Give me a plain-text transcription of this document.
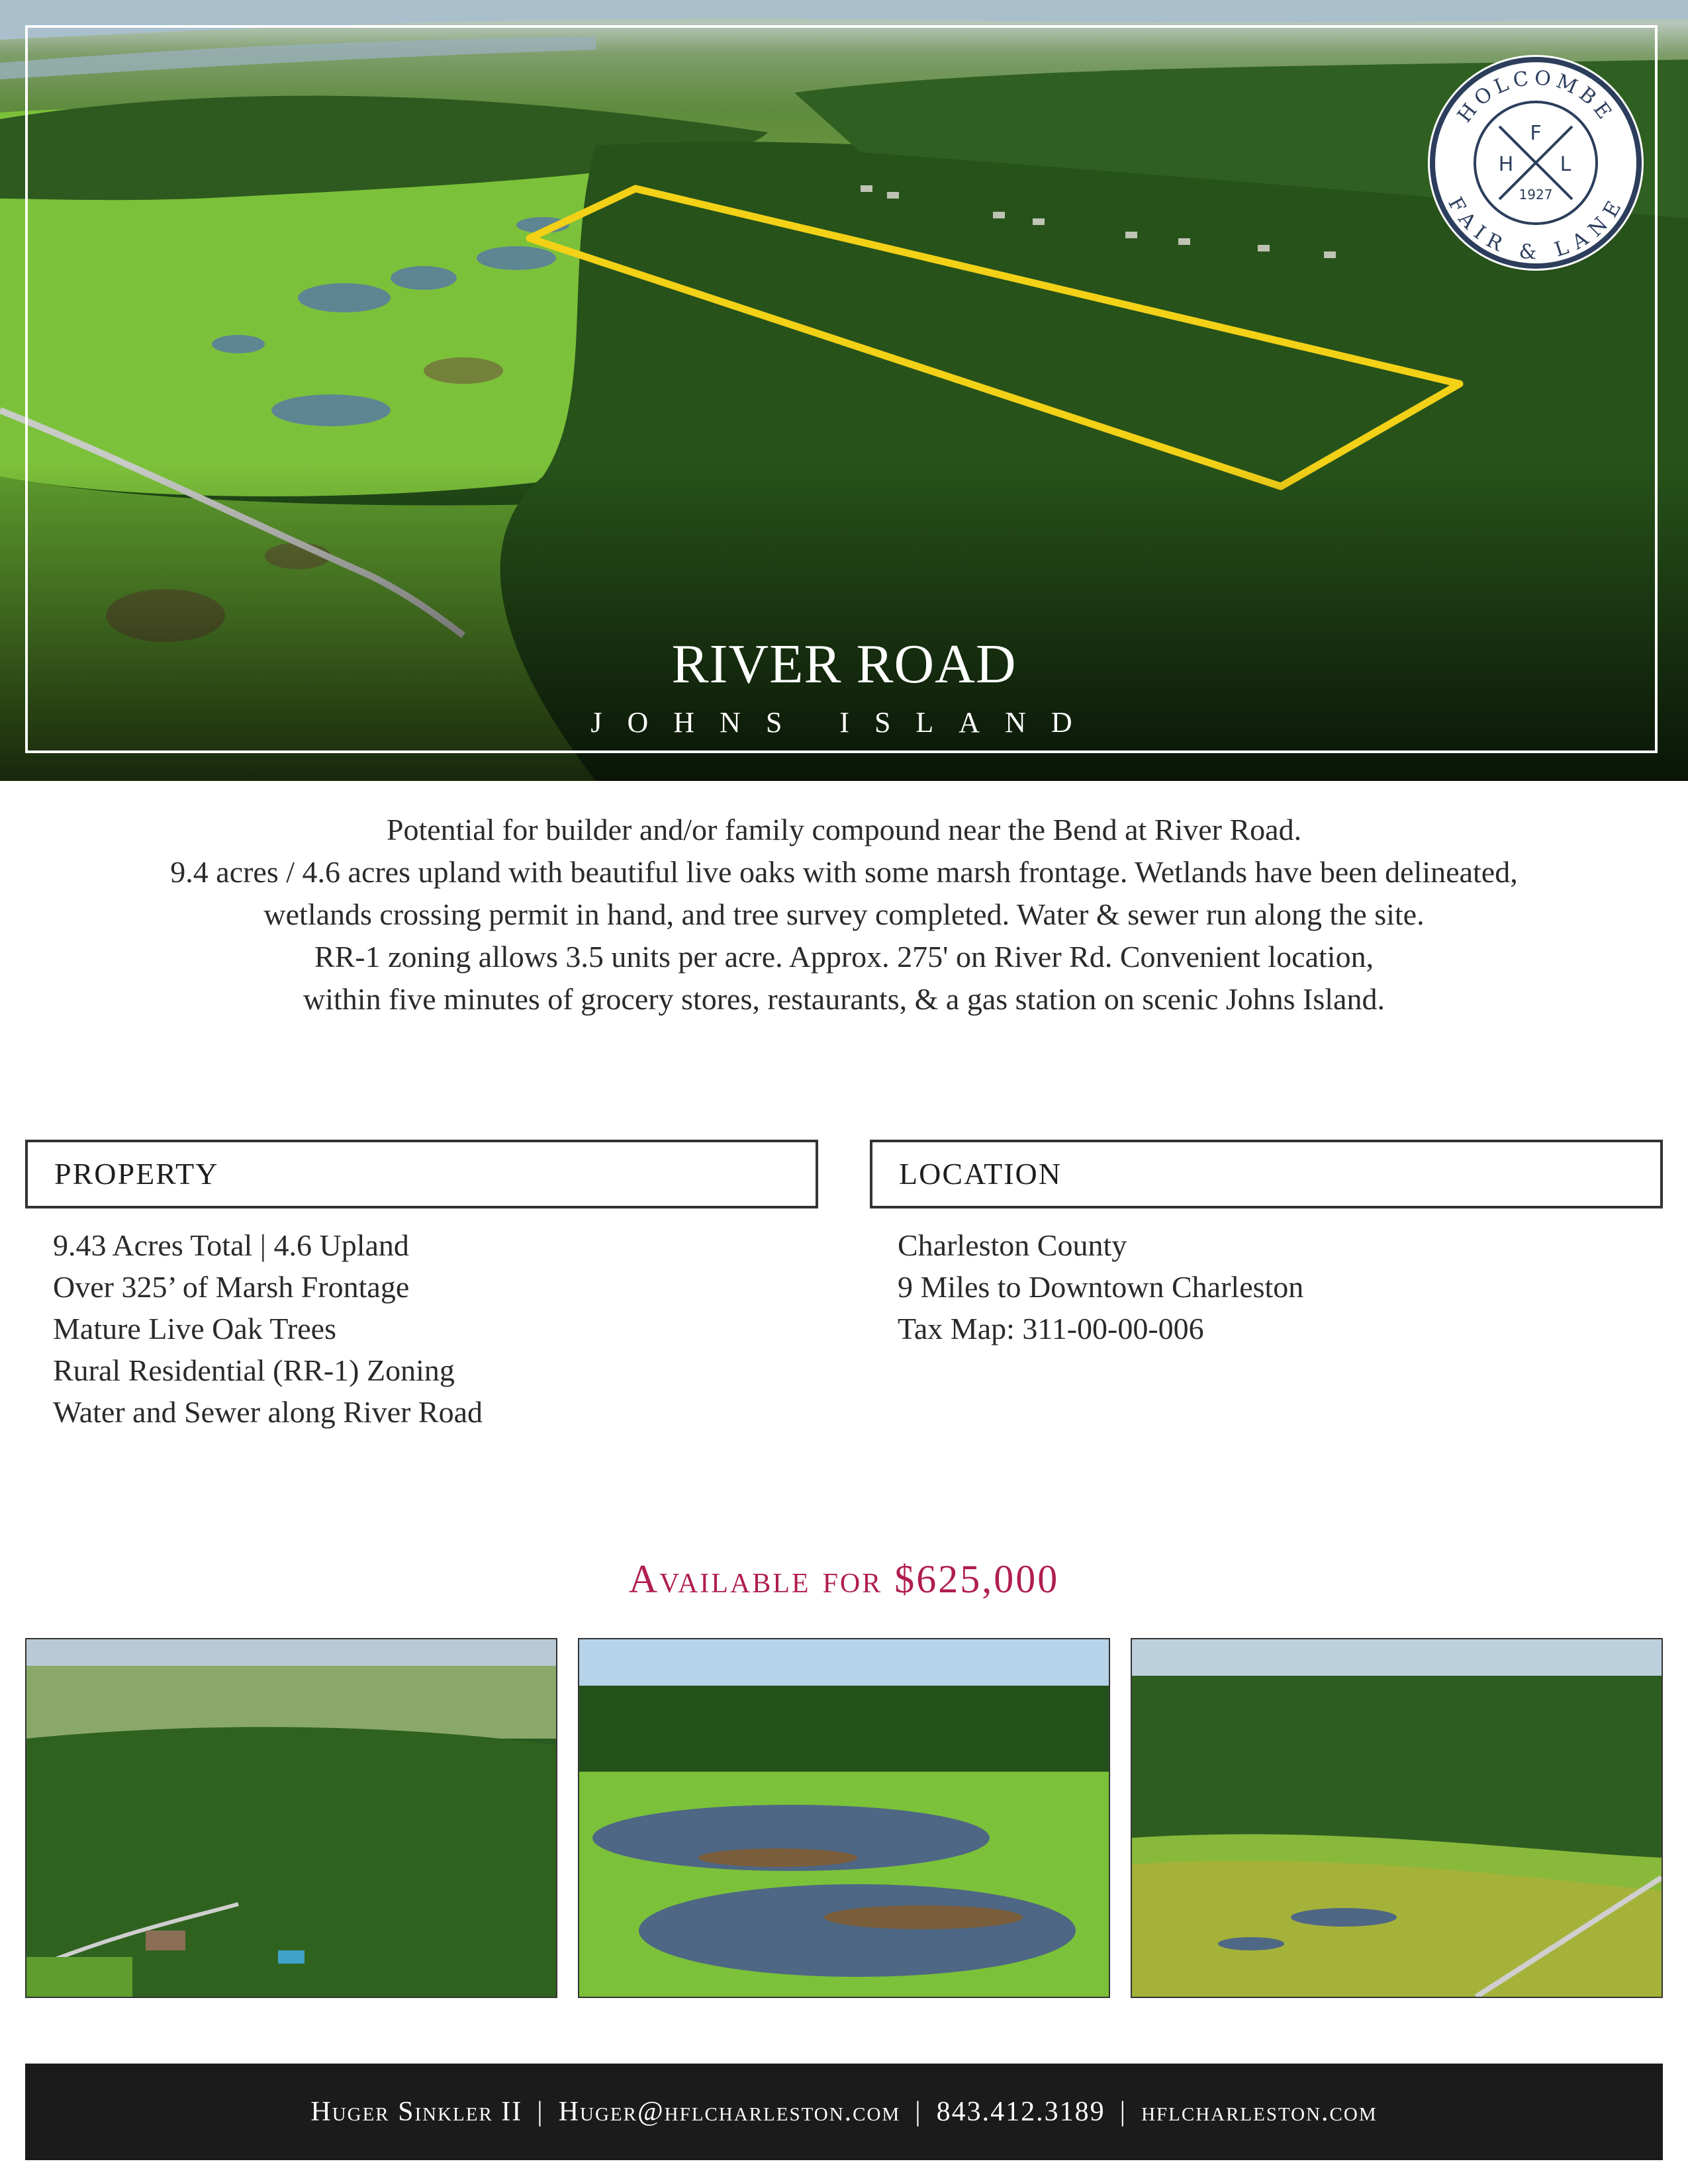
RIVER ROAD
JOHNS ISLAND
HOLCOMBE
FAIR & LANE
F
H L
1927
Potential for builder and/or family compound near the Bend at River Road.
9.4 acres / 4.6 acres upland with beautiful live oaks with some marsh frontage. Wetlands have been delineated,
wetlands crossing permit in hand, and tree survey completed. Water & sewer run along the site.
RR-1 zoning allows 3.5 units per acre. Approx. 275' on River Rd. Convenient location,
within five minutes of grocery stores, restaurants, & a gas station on scenic Johns Island.
PROPERTY	LOCATION
9.43 Acres Total | 4.6 Upland
Over 325’ of Marsh Frontage
Mature Live Oak Trees
Rural Residential (RR-1) Zoning
Water and Sewer along River Road
Charleston County
9 Miles to Downtown Charleston
Tax Map: 311-00-00-006
Available for $625,000
Huger Sinkler II | Huger@hflcharleston.com | 843.412.3189 | hflcharleston.com
